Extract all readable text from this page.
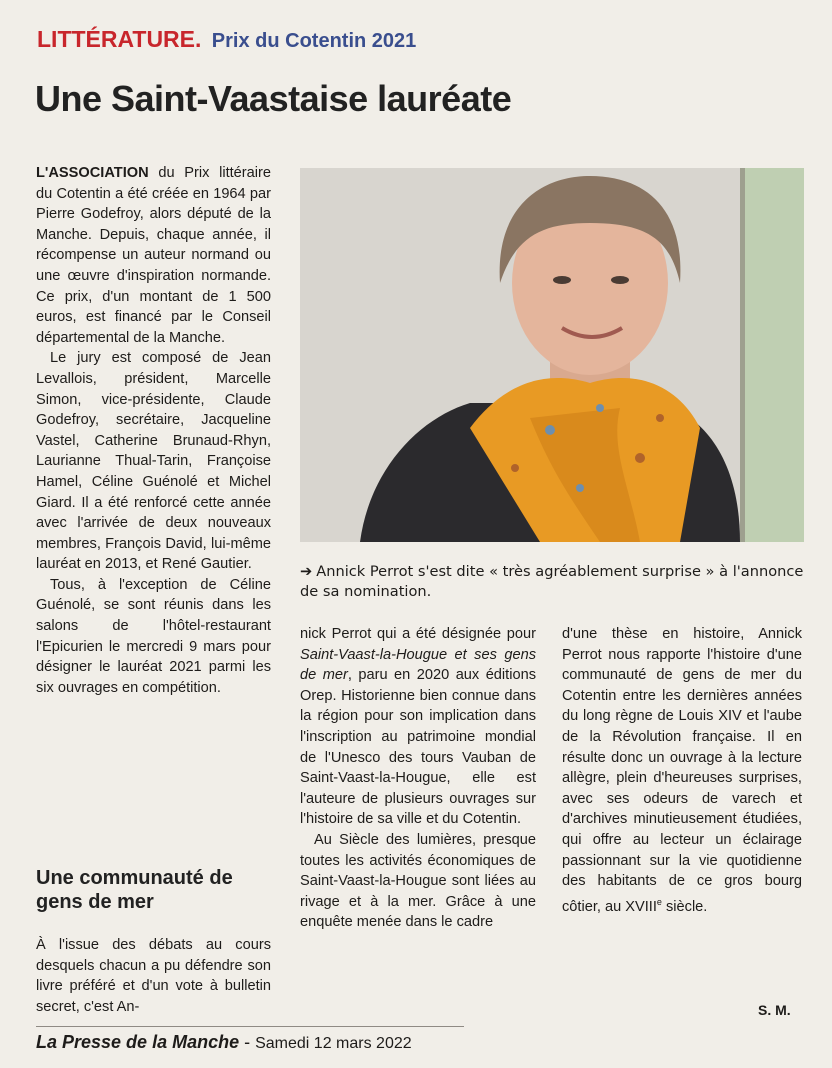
LITTÉRATURE. Prix du Cotentin 2021
Une Saint-Vaastaise lauréate

L'ASSOCIATION du Prix littéraire du Cotentin a été créée en 1964 par Pierre Godefroy, alors député de la Manche. Depuis, chaque année, il récompense un auteur normand ou une œuvre d'inspiration normande. Ce prix, d'un montant de 1 500 euros, est financé par le Conseil départemental de la Manche.

Le jury est composé de Jean Levallois, président, Marcelle Simon, vice-présidente, Claude Godefroy, secrétaire, Jacqueline Vastel, Catherine Brunaud-Rhyn, Laurianne Thual-Tarin, Françoise Hamel, Céline Guénolé et Michel Giard. Il a été renforcé cette année avec l'arrivée de deux nouveaux membres, François David, lui-même lauréat en 2013, et René Gautier.

Tous, à l'exception de Céline Guénolé, se sont réunis dans les salons de l'hôtel-restaurant l'Epicurien le mercredi 9 mars pour désigner le lauréat 2021 parmi les six ouvrages en compétition.

Une communauté de gens de mer

À l'issue des débats au cours desquels chacun a pu défendre son livre préféré et d'un vote à bulletin secret, c'est An-

➔ Annick Perrot s'est dite « très agréablement surprise » à l'annonce de sa nomination.

nick Perrot qui a été désignée pour Saint-Vaast-la-Hougue et ses gens de mer, paru en 2020 aux éditions Orep. Historienne bien connue dans la région pour son implication dans l'inscription au patrimoine mondial de l'Unesco des tours Vauban de Saint-Vaast-la-Hougue, elle est l'auteure de plusieurs ouvrages sur l'histoire de sa ville et du Cotentin.

Au Siècle des lumières, presque toutes les activités économiques de Saint-Vaast-la-Hougue sont liées au rivage et à la mer. Grâce à une enquête menée dans le cadre

d'une thèse en histoire, Annick Perrot nous rapporte l'histoire d'une communauté de gens de mer du Cotentin entre les dernières années du long règne de Louis XIV et l'aube de la Révolution française. Il en résulte donc un ouvrage à la lecture allègre, plein d'heureuses surprises, avec ses odeurs de varech et d'archives minutieusement étudiées, qui offre au lecteur un éclairage passionnant sur la vie quotidienne des habitants de ce gros bourg côtier, au XVIIIe siècle.

S. M.
La Presse de la Manche - Samedi 12 mars 2022
